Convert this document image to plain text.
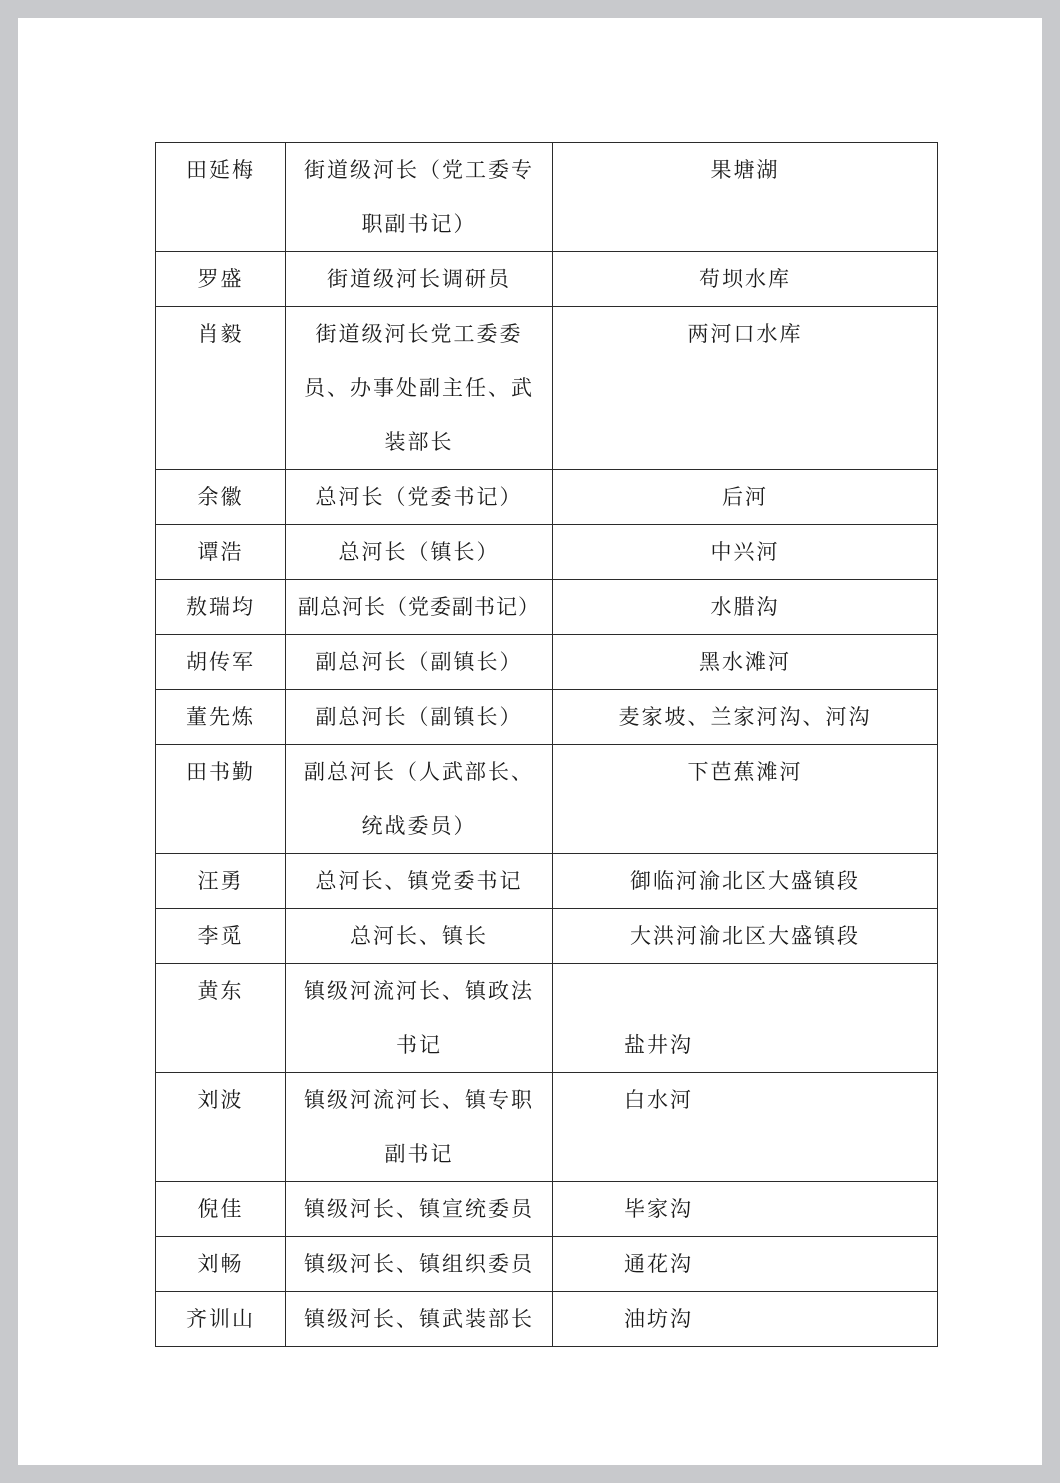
田延梅	街道级河长（党工委专职副书记）	果塘湖
罗盛	街道级河长调研员	苟坝水库
肖毅	街道级河长党工委委员、办事处副主任、武装部长	两河口水库
余徽	总河长（党委书记）	后河
谭浩	总河长（镇长）	中兴河
敖瑞均	副总河长（党委副书记）	水腊沟
胡传军	副总河长（副镇长）	黑水滩河
董先炼	副总河长（副镇长）	麦家坡、兰家河沟、河沟
田书勤	副总河长（人武部长、统战委员）	下芭蕉滩河
汪勇	总河长、镇党委书记	御临河渝北区大盛镇段
李觅	总河长、镇长	大洪河渝北区大盛镇段
黄东	镇级河流河长、镇政法书记	盐井沟
刘波	镇级河流河长、镇专职副书记	白水河
倪佳	镇级河长、镇宣统委员	毕家沟
刘畅	镇级河长、镇组织委员	通花沟
齐训山	镇级河长、镇武装部长	油坊沟
